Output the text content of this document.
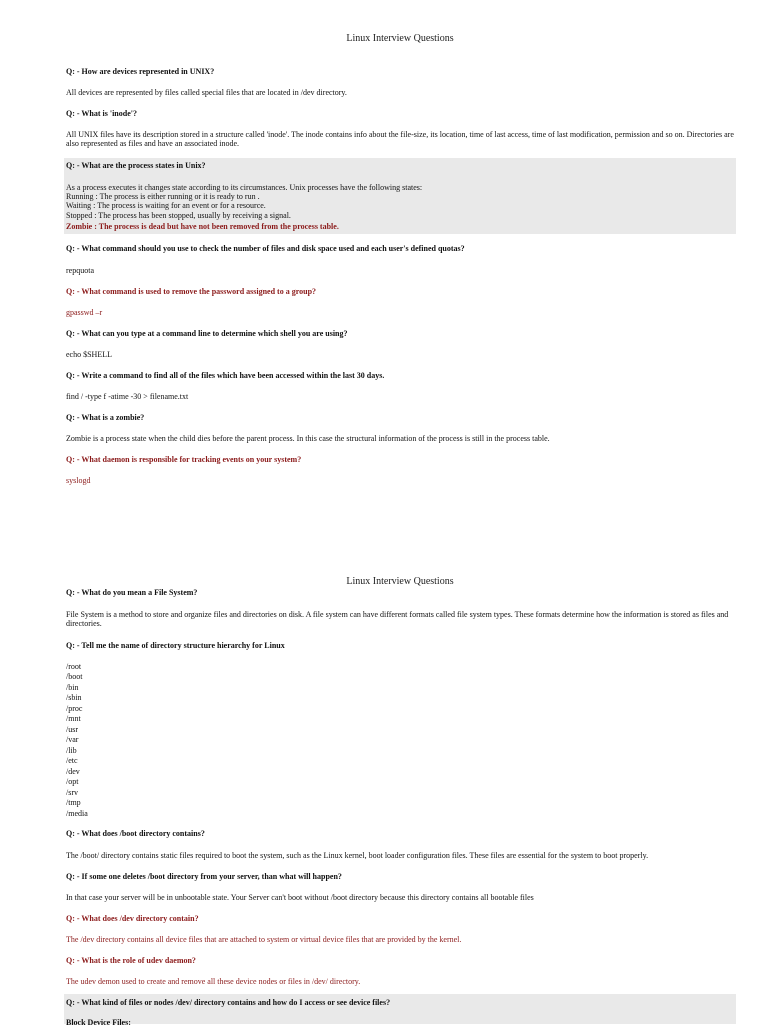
Linux Interview Questions
Q: - How are devices represented in UNIX?
All devices are represented by files called special files that are located in /dev directory.
Q: - What is 'inode'?
All UNIX files have its description stored in a structure called 'inode'. The inode contains info about the file-size, its location, time of last access, time of last modification, permission and so on. Directories are also represented as files and have an associated inode.
Q: - What are the process states in Unix?
As a process executes it changes state according to its circumstances. Unix processes have the following states:
Running : The process is either running or it is ready to run .
Waiting : The process is waiting for an event or for a resource.
Stopped : The process has been stopped, usually by receiving a signal.
Zombie : The process is dead but have not been removed from the process table.
Q: - What command should you use to check the number of files and disk space used and each user's defined quotas?
repquota
Q: - What command is used to remove the password assigned to a group?
gpasswd –r
Q: - What can you type at a command line to determine which shell you are using?
echo $SHELL
Q: - Write a command to find all of the files which have been accessed within the last 30 days.
find / -type f -atime -30 > filename.txt
Q: - What is a zombie?
Zombie is a process state when the child dies before the parent process. In this case the structural information of the process is still in the process table.
Q: - What daemon is responsible for tracking events on your system?
syslogd
Linux Interview Questions
Q: - What do you mean a File System?
File System is a method to store and organize files and directories on disk. A file system can have different formats called file system types. These formats determine how the information is stored as files and directories.
Q: - Tell me the name of directory structure hierarchy for Linux
/root
/boot
/bin
/sbin
/proc
/mnt
/usr
/var
/lib
/etc
/dev
/opt
/srv
/tmp
/media
Q: - What does /boot directory contains?
The /boot/ directory contains static files required to boot the system, such as the Linux kernel, boot loader configuration files. These files are essential for the system to boot properly.
Q: - If some one deletes /boot directory from your server, than what will happen?
In that case your server will be in unbootable state. Your Server can't boot without /boot directory because this directory contains all bootable files
Q: - What does /dev directory contain?
The /dev directory contains all device files that are attached to system or virtual device files that are provided by the kernel.
Q: - What is the role of udev daemon?
The udev demon used to create and remove all these device nodes or files in /dev/ directory.
Q: - What kind of files or nodes /dev/ directory contains and how do I access or see device files?
Block Device Files:
